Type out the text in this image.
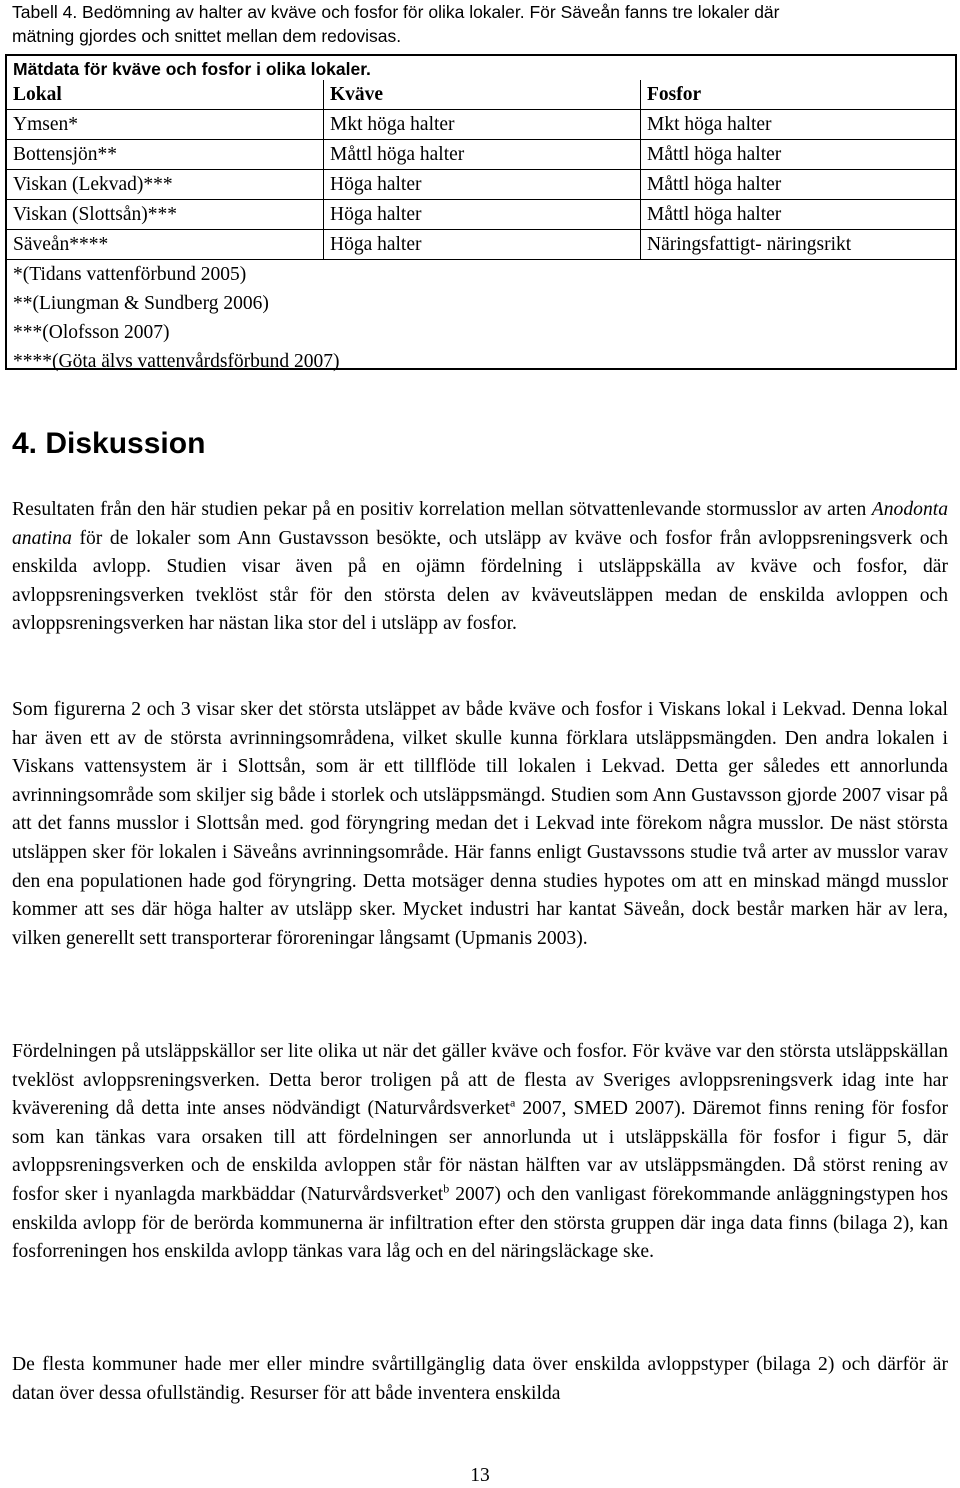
Tabell 4. Bedömning av halter av kväve och fosfor för olika lokaler. För Säveån fanns tre lokaler där

mätning gjordes och snittet mellan dem redovisas.

Mätdata för kväve och fosfor i olika lokaler.
Lokal	Kväve	Fosfor
Ymsen*	Mkt höga halter	Mkt höga halter
Bottensjön**	Måttl höga halter	Måttl höga halter
Viskan (Lekvad)***	Höga halter	Måttl höga halter
Viskan (Slottsån)***	Höga halter	Måttl höga halter
Säveån****	Höga halter	Näringsfattigt- näringsrikt
*(Tidans vattenförbund 2005)		
**(Liungman & Sundberg 2006)		
***(Olofsson 2007)		
****(Göta älvs vattenvårdsförbund 2007)		
4. Diskussion

Resultaten från den här studien pekar på en positiv korrelation mellan sötvattenlevande stormusslor av arten Anodonta anatina för de lokaler som Ann Gustavsson besökte, och utsläpp av kväve och fosfor från avloppsreningsverk och enskilda avlopp. Studien visar även på en ojämn fördelning i utsläppskälla av kväve och fosfor, där avloppsreningsverken tveklöst står för den största delen av kväveutsläppen medan de enskilda avloppen och avloppsreningsverken har nästan lika stor del i utsläpp av fosfor.

Som figurerna 2 och 3 visar sker det största utsläppet av både kväve och fosfor i Viskans lokal i Lekvad. Denna lokal har även ett av de största avrinningsområdena, vilket skulle kunna förklara utsläppsmängden. Den andra lokalen i Viskans vattensystem är i Slottsån, som är ett tillflöde till lokalen i Lekvad. Detta ger således ett annorlunda avrinningsområde som skiljer sig både i storlek och utsläppsmängd. Studien som Ann Gustavsson gjorde 2007 visar på att det fanns musslor i Slottsån med. god föryngring medan det i Lekvad inte förekom några musslor. De näst största utsläppen sker för lokalen i Säveåns avrinningsområde. Här fanns enligt Gustavssons studie två arter av musslor varav den ena populationen hade god föryngring. Detta motsäger denna studies hypotes om att en minskad mängd musslor kommer att ses där höga halter av utsläpp sker. Mycket industri har kantat Säveån, dock består marken här av lera, vilken generellt sett transporterar föroreningar långsamt (Upmanis 2003).

Fördelningen på utsläppskällor ser lite olika ut när det gäller kväve och fosfor. För kväve var den största utsläppskällan tveklöst avloppsreningsverken. Detta beror troligen på att de flesta av Sveriges avloppsreningsverk idag inte har kväverening då detta inte anses nödvändigt (Naturvårdsverket$^a$ 2007, SMED 2007). Däremot finns rening för fosfor som kan tänkas vara orsaken till att fördelningen ser annorlunda ut i utsläppskälla för fosfor i figur 5, där avloppsreningsverken och de enskilda avloppen står för nästan hälften var av utsläppsmängden. Då störst rening av fosfor sker i nyanlagda markbäddar (Naturvårdsverket$^b$ 2007) och den vanligast förekommande anläggningstypen hos enskilda avlopp för de berörda kommunerna är infiltration efter den största gruppen där inga data finns (bilaga 2), kan fosforreningen hos enskilda avlopp tänkas vara låg och en del näringsläckage ske.

De flesta kommuner hade mer eller mindre svårtillgänglig data över enskilda avloppstyper (bilaga 2) och därför är datan över dessa ofullständig. Resurser för att både inventera enskilda

13
